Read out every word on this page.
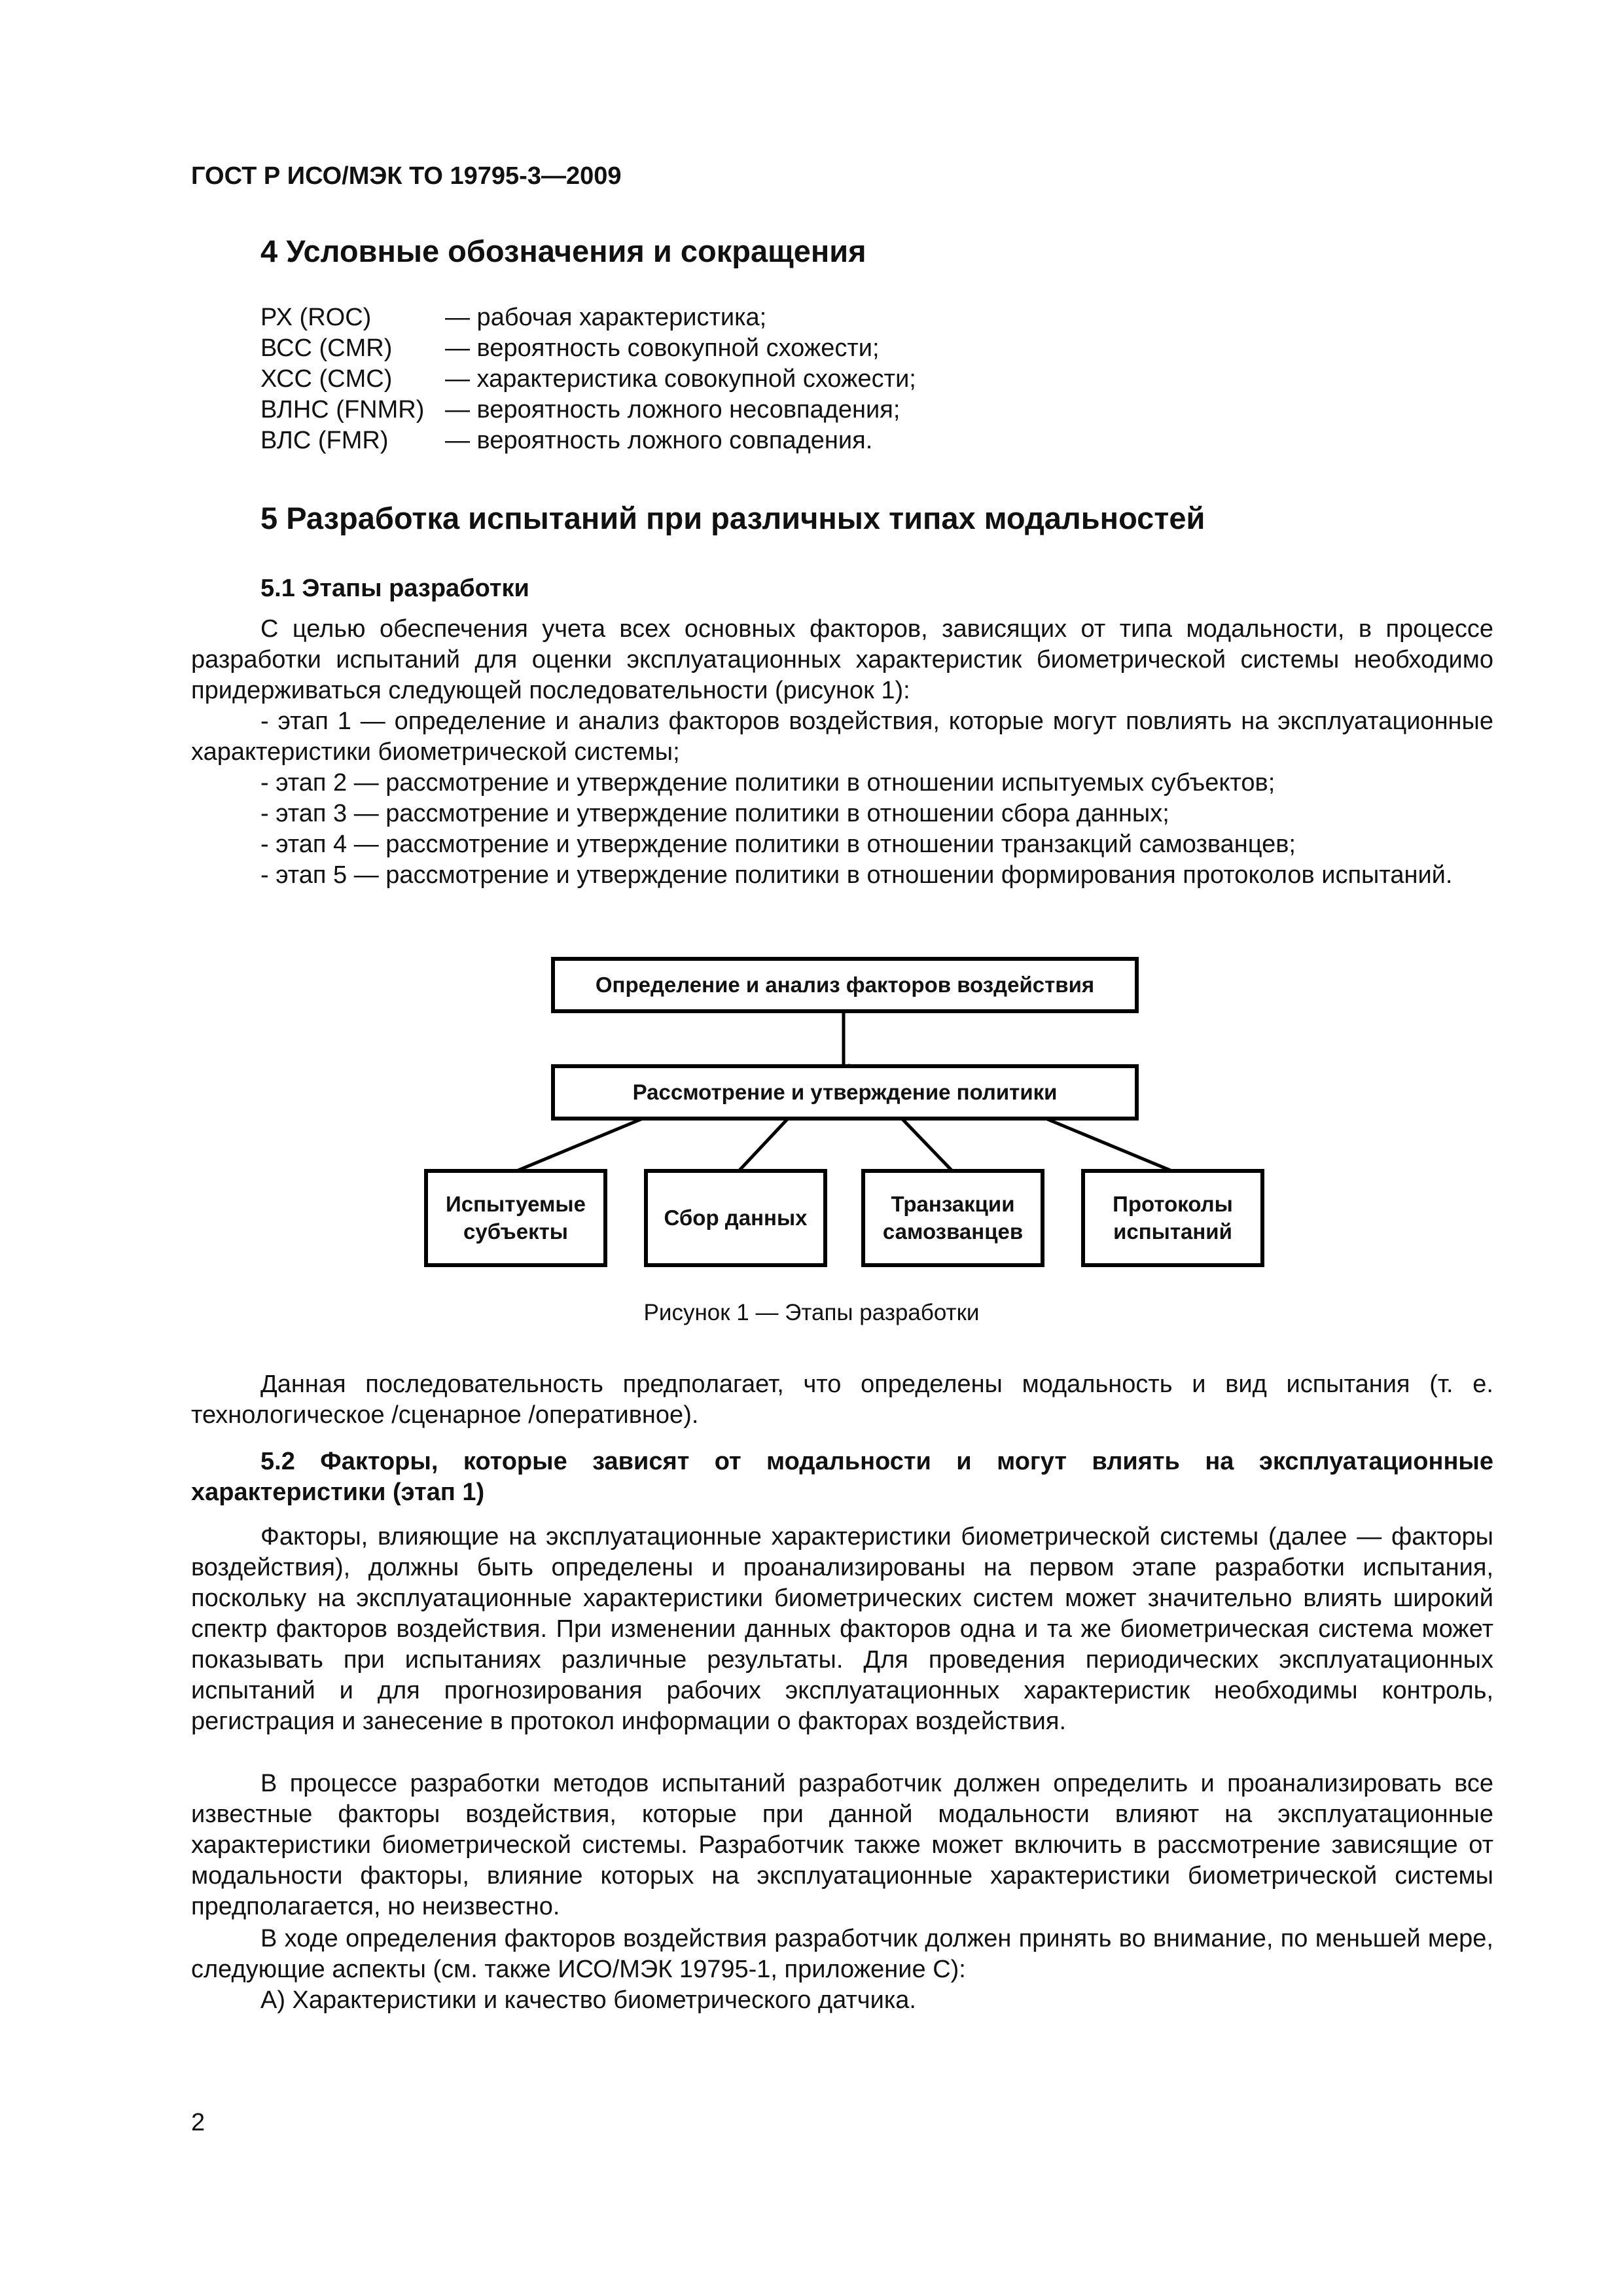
ГОСТ Р ИСО/МЭК ТО 19795-3—2009
4 Условные обозначения и сокращения
РХ (ROC)	— рабочая характеристика;
ВСС (CMR)	— вероятность совокупной схожести;
ХСС (CMC)	— характеристика совокупной схожести;
ВЛНС (FNMR) — вероятность ложного несовпадения;
ВЛС (FMR)	— вероятность ложного совпадения.
5 Разработка испытаний при различных типах модальностей
5.1 Этапы разработки
С целью обеспечения учета всех основных факторов, зависящих от типа модальности, в процессе разработки испытаний для оценки эксплуатационных характеристик биометрической системы необходимо придерживаться следующей последовательности (рисунок 1):
- этап 1 — определение и анализ факторов воздействия, которые могут повлиять на эксплуатационные характеристики биометрической системы;
- этап 2 — рассмотрение и утверждение политики в отношении испытуемых субъектов;
- этап 3 — рассмотрение и утверждение политики в отношении сбора данных;
- этап 4 — рассмотрение и утверждение политики в отношении транзакций самозванцев;
- этап 5 — рассмотрение и утверждение политики в отношении формирования протоколов испытаний.
Определение и анализ факторов воздействия
Рассмотрение и утверждение политики
Испытуемые субъекты
Сбор данных
Транзакции самозванцев
Протоколы испытаний
Рисунок 1 — Этапы разработки
Данная последовательность предполагает, что определены модальность и вид испытания (т. е. технологическое /сценарное /оперативное).
5.2 Факторы, которые зависят от модальности и могут влиять на эксплуатационные характеристики (этап 1)
Факторы, влияющие на эксплуатационные характеристики биометрической системы (далее — факторы воздействия), должны быть определены и проанализированы на первом этапе разработки испытания, поскольку на эксплуатационные характеристики биометрических систем может значительно влиять широкий спектр факторов воздействия. При изменении данных факторов одна и та же биометрическая система может показывать при испытаниях различные результаты. Для проведения периодических эксплуатационных испытаний и для прогнозирования рабочих эксплуатационных характеристик необходимы контроль, регистрация и занесение в протокол информации о факторах воздействия.
В процессе разработки методов испытаний разработчик должен определить и проанализировать все известные факторы воздействия, которые при данной модальности влияют на эксплуатационные характеристики биометрической системы. Разработчик также может включить в рассмотрение зависящие от модальности факторы, влияние которых на эксплуатационные характеристики биометрической системы предполагается, но неизвестно.
В ходе определения факторов воздействия разработчик должен принять во внимание, по меньшей мере, следующие аспекты (см. также ИСО/МЭК 19795-1, приложение С):
А) Характеристики и качество биометрического датчика.
2
